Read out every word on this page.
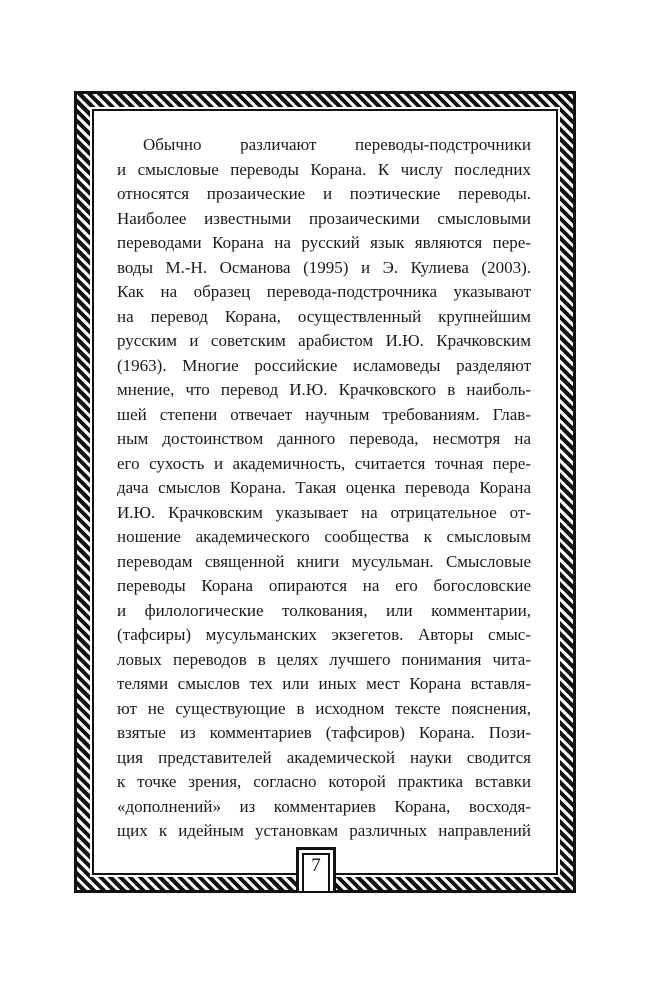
Обычно различают переводы-подстрочники
и смысловые переводы Корана. К числу последних
относятся прозаические и поэтические переводы.
Наиболее известными прозаическими смысловыми
переводами Корана на русский язык являются пере-
воды М.-Н. Османова (1995) и Э. Кулиева (2003).
Как на образец перевода-подстрочника указывают
на перевод Корана, осуществленный крупнейшим
русским и советским арабистом И.Ю. Крачковским
(1963). Многие российские исламоведы разделяют
мнение, что перевод И.Ю. Крачковского в наиболь-
шей степени отвечает научным требованиям. Глав-
ным достоинством данного перевода, несмотря на
его сухость и академичность, считается точная пере-
дача смыслов Корана. Такая оценка перевода Корана
И.Ю. Крачковским указывает на отрицательное от-
ношение академического сообщества к смысловым
переводам священной книги мусульман. Смысловые
переводы Корана опираются на его богословские
и филологические толкования, или комментарии,
(тафсиры) мусульманских экзегетов. Авторы смыс-
ловых переводов в целях лучшего понимания чита-
телями смыслов тех или иных мест Корана вставля-
ют не существующие в исходном тексте пояснения,
взятые из комментариев (тафсиров) Корана. Пози-
ция представителей академической науки сводится
к точке зрения, согласно которой практика вставки
«дополнений» из комментариев Корана, восходя-
щих к идейным установкам различных направлений
7
